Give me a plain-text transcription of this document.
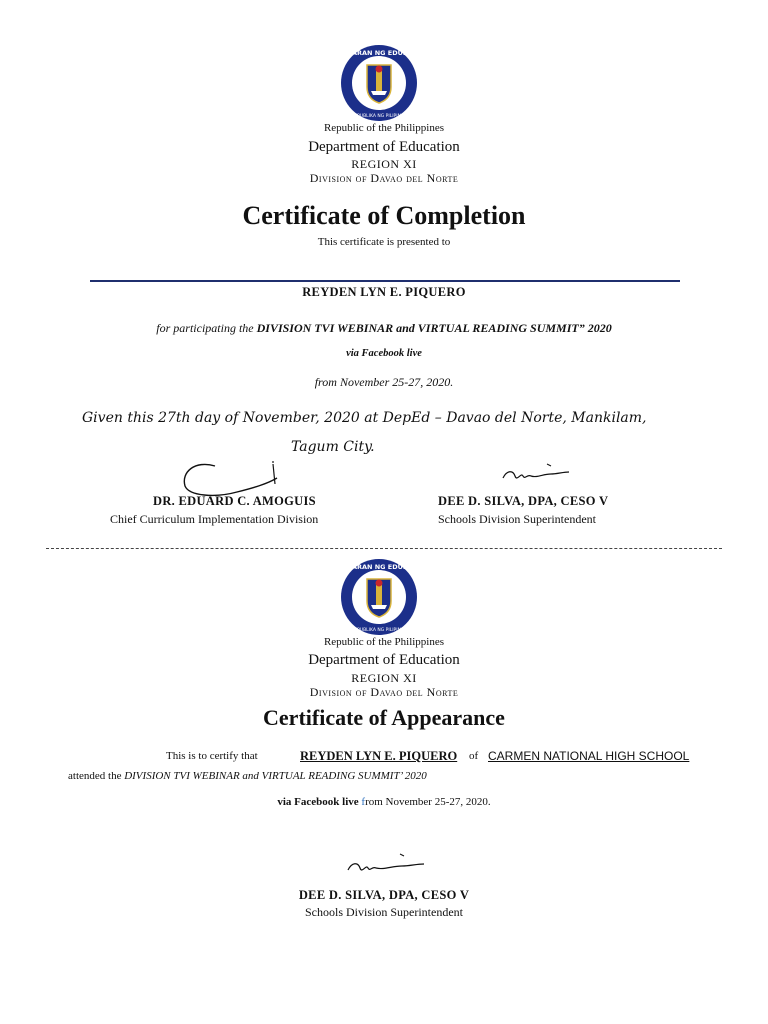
KAGAWARAN NG EDUKASYON
REPUBLIKA NG PILIPINAS
Republic of the Philippines
Department of Education
REGION XI
Division of Davao del Norte
Certificate of Completion
This certificate is presented to
REYDEN LYN E. PIQUERO
for participating the DIVISION TVI WEBINAR and VIRTUAL READING SUMMIT” 2020
via Facebook live
from November 25-27, 2020.
Given this 27th day of November, 2020 at DepEd – Davao del Norte, Mankilam,
Tagum City.
DR. EDUARD C. AMOGUIS
Chief Curriculum Implementation Division
DEE D. SILVA, DPA, CESO V
Schools Division Superintendent
KAGAWARAN NG EDUKASYON
REPUBLIKA NG PILIPINAS
Republic of the Philippines
Department of Education
REGION XI
Division of Davao del Norte
Certificate of Appearance
This is to certify that	REYDEN LYN E. PIQUERO of CARMEN NATIONAL HIGH SCHOOL
attended the DIVISION TVI WEBINAR and VIRTUAL READING SUMMIT’ 2020
via Facebook live from November 25-27, 2020.
DEE D. SILVA, DPA, CESO V
Schools Division Superintendent
